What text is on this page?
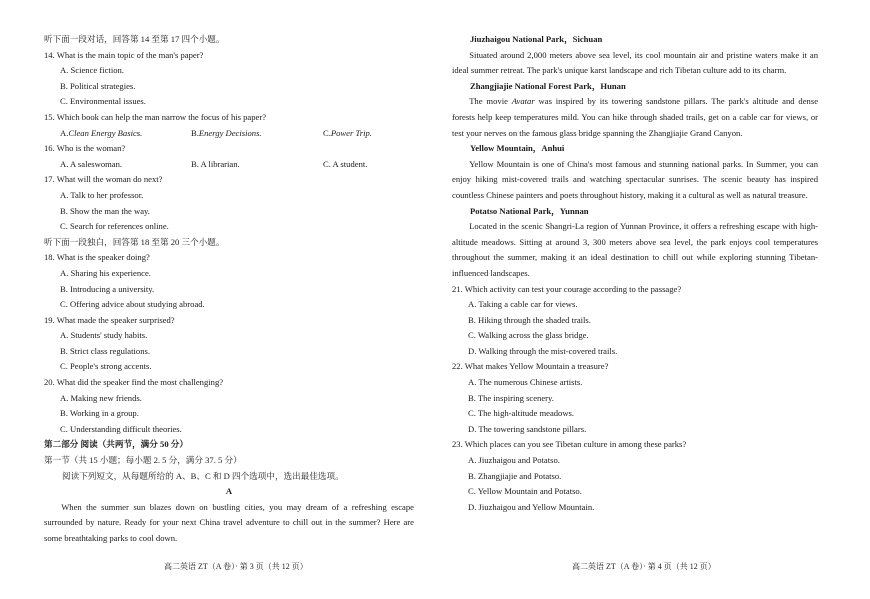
听下面一段对话，回答第 14 至第 17 四个小题。
14. What is the main topic of the man's paper?
A. Science fiction.
B. Political strategies.
C. Environmental issues.
15. Which book can help the man narrow the focus of his paper?
A.Clean Energy Basics.	B.Energy Decisions.	C.Power Trip.
16. Who is the woman?
A. A saleswoman.	B. A librarian.	C. A student.
17. What will the woman do next?
A. Talk to her professor.
B. Show the man the way.
C. Search for references online.
听下面一段独白，回答第 18 至第 20 三个小题。
18. What is the speaker doing?
A. Sharing his experience.
B. Introducing a university.
C. Offering advice about studying abroad.
19. What made the speaker surprised?
A. Students' study habits.
B. Strict class regulations.
C. People's strong accents.
20. What did the speaker find the most challenging?
A. Making new friends.
B. Working in a group.
C. Understanding difficult theories.
第二部分 阅读（共两节，满分 50 分）
第一节（共 15 小题；每小题 2. 5 分，满分 37. 5 分）
阅读下列短文，从每题所给的 A、B、C 和 D 四个选项中，选出最佳选项。
A
When the summer sun blazes down on bustling cities, you may dream of a refreshing escape surrounded by nature. Ready for your next China travel adventure to chill out in the summer? Here are some breathtaking parks to cool down.
Jiuzhaigou National Park，Sichuan
Situated around 2,000 meters above sea level, its cool mountain air and pristine waters make it an ideal summer retreat. The park's unique karst landscape and rich Tibetan culture add to its charm.
Zhangjiajie National Forest Park，Hunan
The movie Avatar was inspired by its towering sandstone pillars. The park's altitude and dense forests help keep temperatures mild. You can hike through shaded trails, get on a cable car for views, or test your nerves on the famous glass bridge spanning the Zhangjiajie Grand Canyon.
Yellow Mountain，Anhui
Yellow Mountain is one of China's most famous and stunning national parks. In Summer, you can enjoy hiking mist-covered trails and watching spectacular sunrises. The scenic beauty has inspired countless Chinese painters and poets throughout history, making it a cultural as well as natural treasure.
Potatso National Park，Yunnan
Located in the scenic Shangri-La region of Yunnan Province, it offers a refreshing escape with high-altitude meadows. Sitting at around 3, 300 meters above sea level, the park enjoys cool temperatures throughout the summer, making it an ideal destination to chill out while exploring stunning Tibetan-influenced landscapes.
21. Which activity can test your courage according to the passage?
A. Taking a cable car for views.
B. Hiking through the shaded trails.
C. Walking across the glass bridge.
D. Walking through the mist-covered trails.
22. What makes Yellow Mountain a treasure?
A. The numerous Chinese artists.
B. The inspiring scenery.
C. The high-altitude meadows.
D. The towering sandstone pillars.
23. Which places can you see Tibetan culture in among these parks?
A. Jiuzhaigou and Potatso.
B. Zhangjiajie and Potatso.
C. Yellow Mountain and Potatso.
D. Jiuzhaigou and Yellow Mountain.
高二英语 ZT（A 卷）· 第 3 页（共 12 页）	高二英语 ZT（A 卷）· 第 4 页（共 12 页）
